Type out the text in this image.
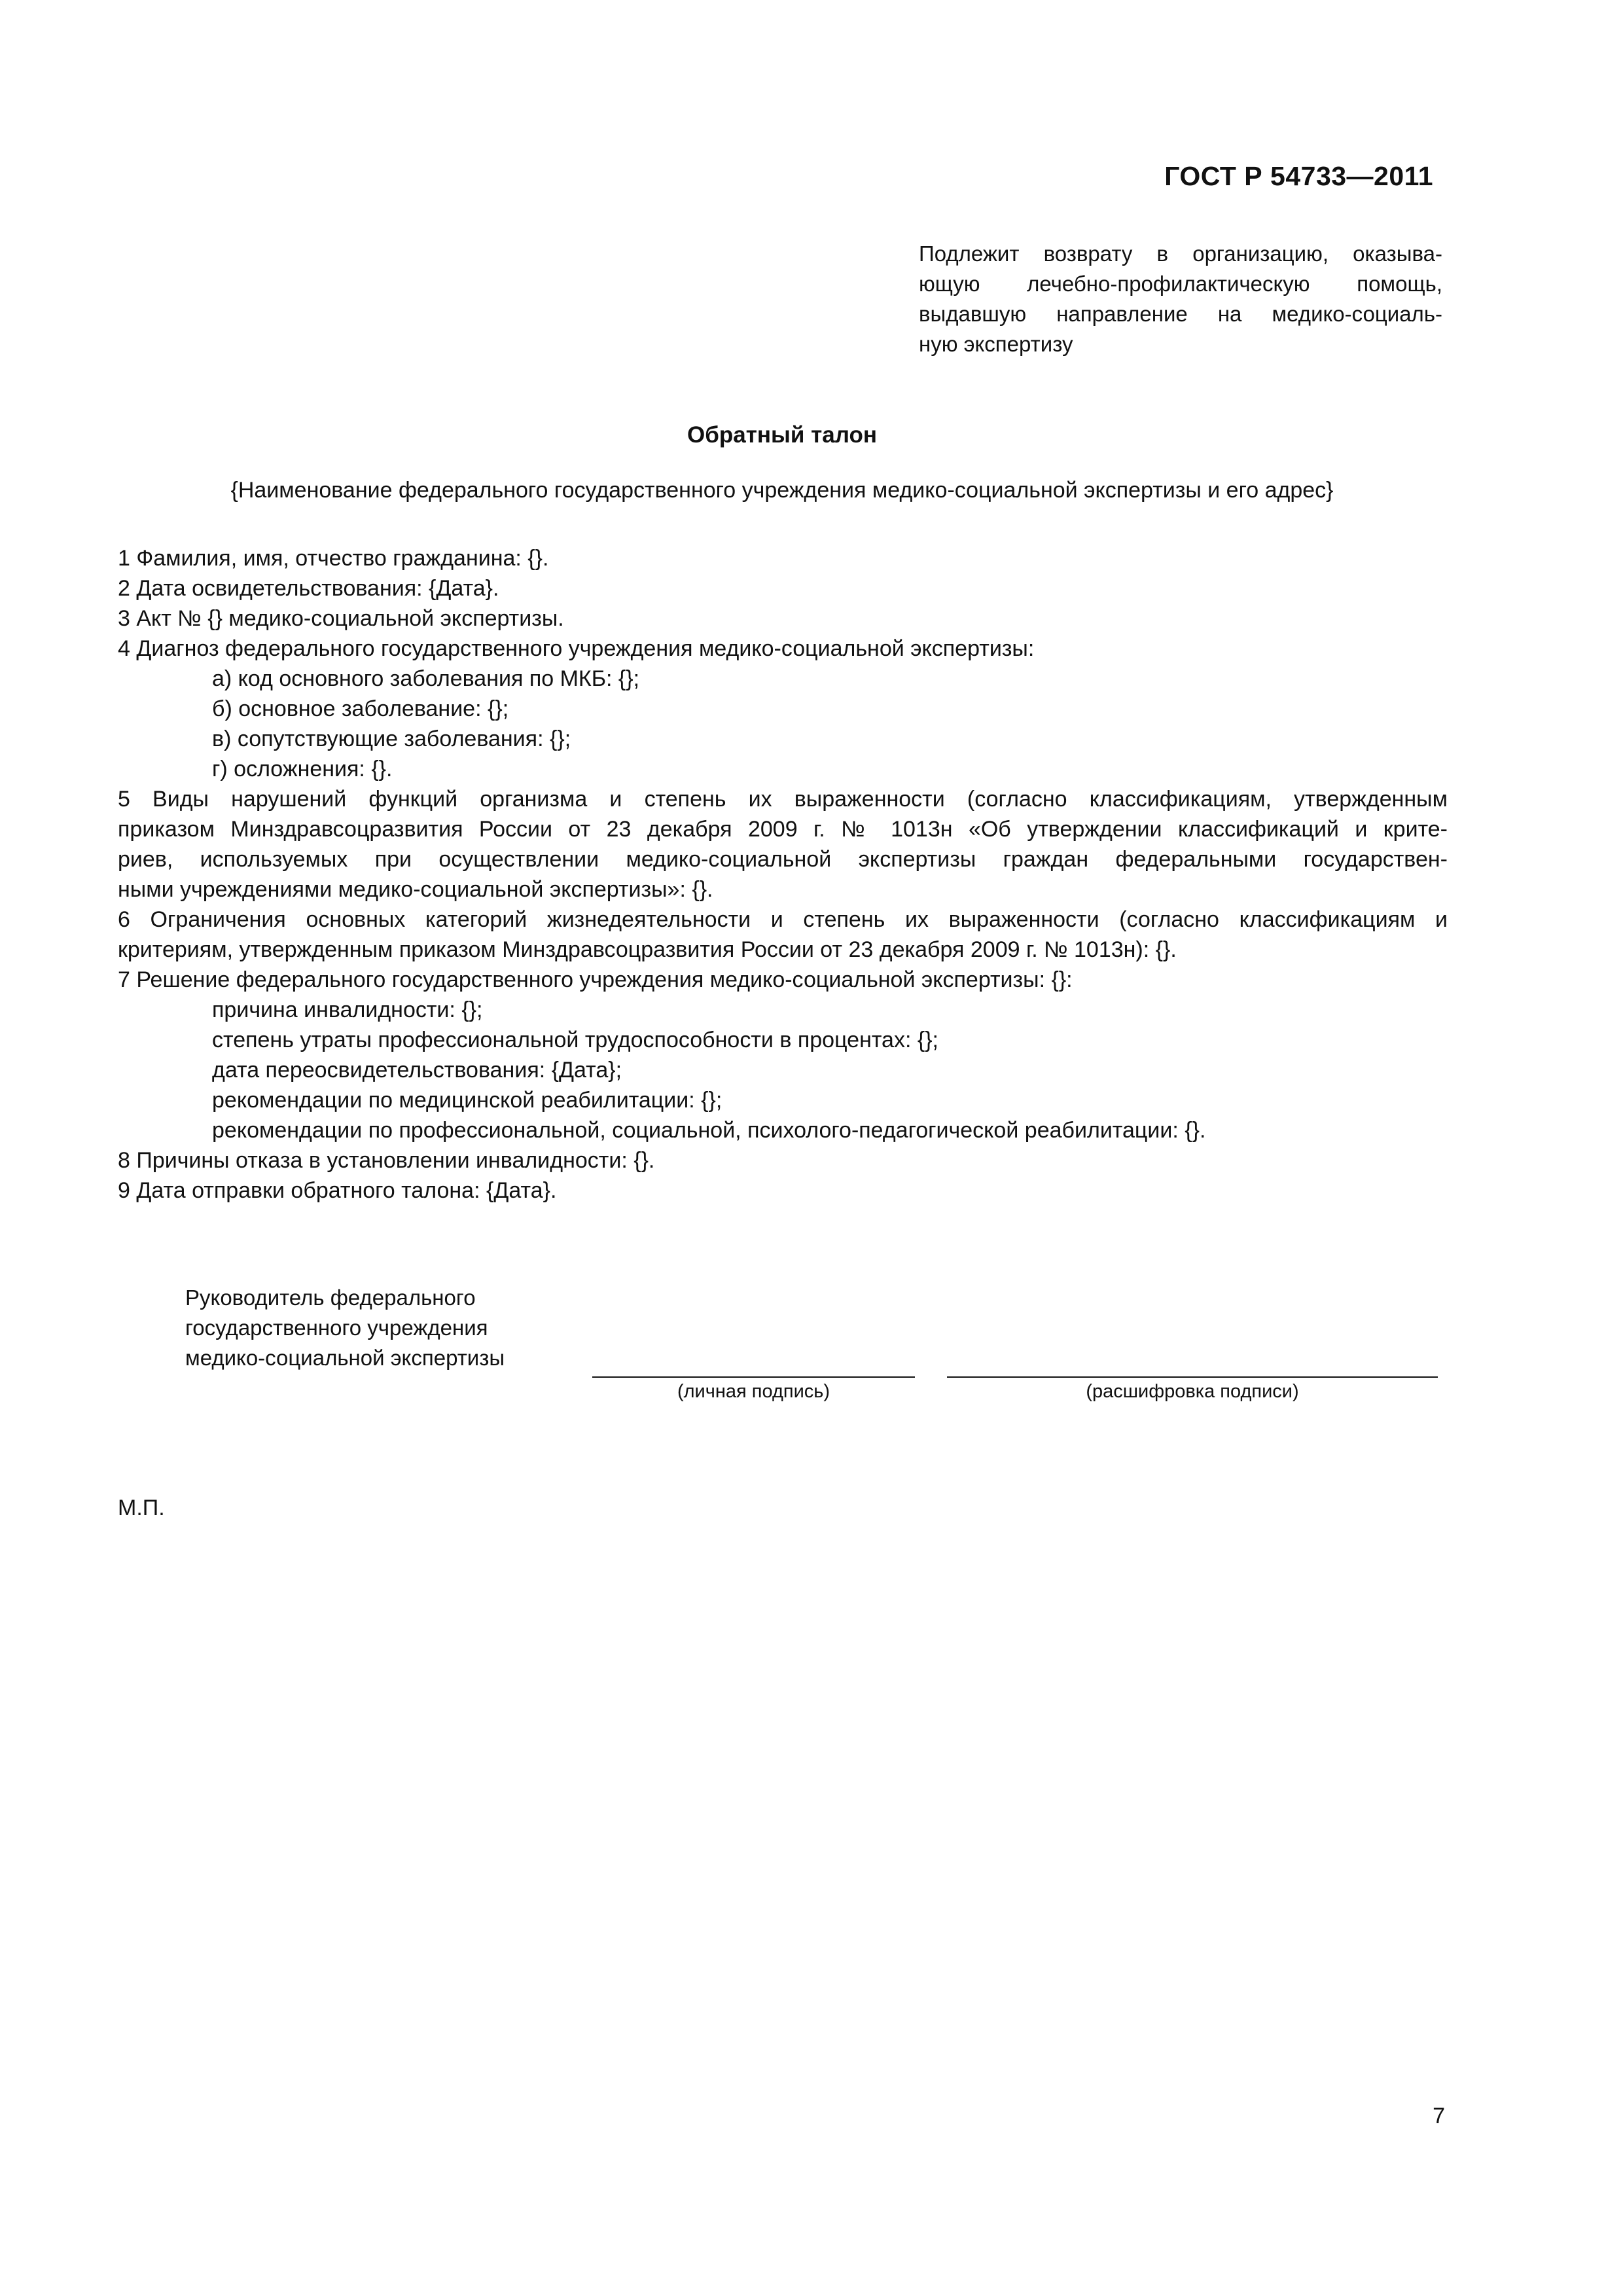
ГОСТ Р 54733—2011
Подлежит возврату в организацию, оказыва-
ющую лечебно-профилактическую помощь,
выдавшую направление на медико-социаль-
ную экспертизу
Обратный талон
{Наименование федерального государственного учреждения медико-социальной экспертизы и его адрес}
1 Фамилия, имя, отчество гражданина: {}.
2 Дата освидетельствования: {Дата}.
3 Акт № {} медико-социальной экспертизы.
4 Диагноз федерального государственного учреждения медико-социальной экспертизы:
а) код основного заболевания по МКБ: {};
б) основное заболевание: {};
в) сопутствующие заболевания: {};
г) осложнения: {}.
5 Виды нарушений функций организма и степень их выраженности (согласно классификациям, утвержденным
приказом Минздравсоцразвития России от 23 декабря 2009 г. № 1013н «Об утверждении классификаций и крите-
риев, используемых при осуществлении медико-социальной экспертизы граждан федеральными государствен-
ными учреждениями медико-социальной экспертизы»: {}.
6 Ограничения основных категорий жизнедеятельности и степень их выраженности (согласно классификациям и
критериям, утвержденным приказом Минздравсоцразвития России от 23 декабря 2009 г. № 1013н): {}.
7 Решение федерального государственного учреждения медико-социальной экспертизы: {}:
причина инвалидности: {};
степень утраты профессиональной трудоспособности в процентах: {};
дата переосвидетельствования: {Дата};
рекомендации по медицинской реабилитации: {};
рекомендации по профессиональной, социальной, психолого-педагогической реабилитации: {}.
8 Причины отказа в установлении инвалидности: {}.
9 Дата отправки обратного талона: {Дата}.
Руководитель федерального
государственного учреждения
медико-социальной экспертизы
(личная подпись)	(расшифровка подписи)
М.П.
7
